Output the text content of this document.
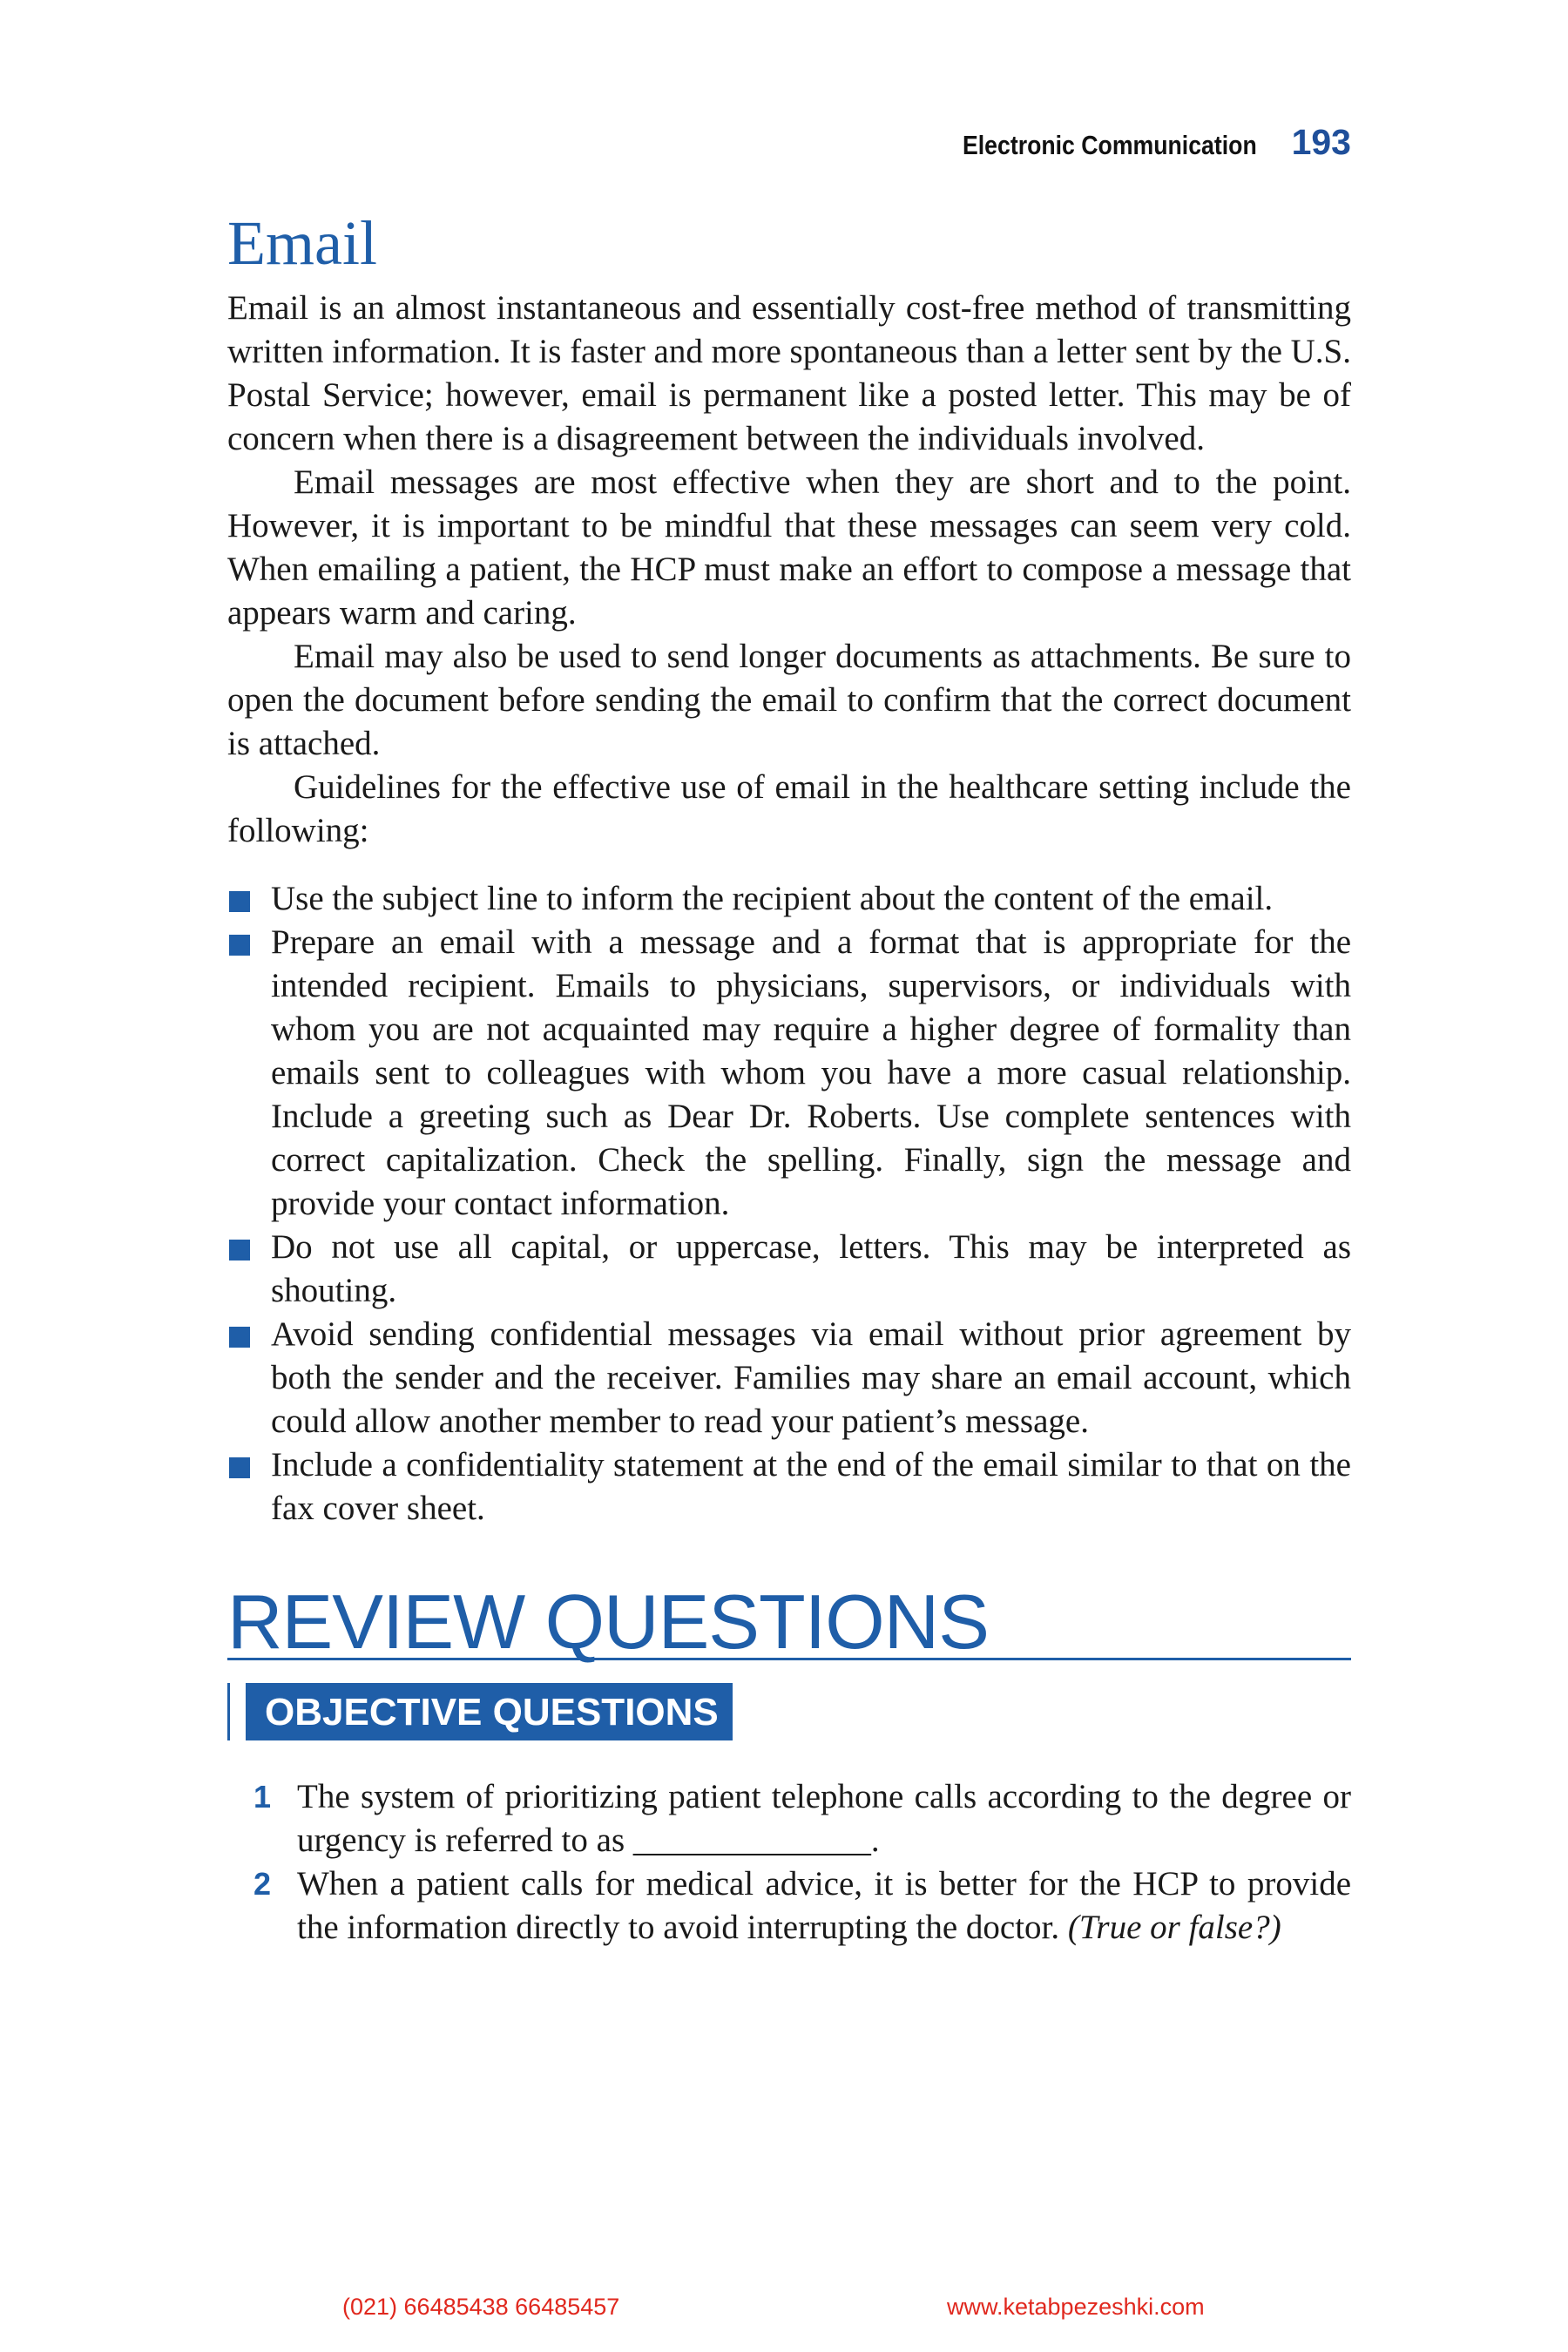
Electronic Communication 193
Email

Email is an almost instantaneous and essentially cost-free method of transmitting written information. It is faster and more spontaneous than a letter sent by the U.S. Postal Service; however, email is permanent like a posted letter. This may be of concern when there is a disagreement between the individuals involved.

Email messages are most effective when they are short and to the point. However, it is important to be mindful that these messages can seem very cold. When emailing a patient, the HCP must make an effort to compose a message that appears warm and caring.

Email may also be used to send longer documents as attachments. Be sure to open the document before sending the email to confirm that the correct document is attached.

Guidelines for the effective use of email in the healthcare setting include the following:

Use the subject line to inform the recipient about the content of the email.
Prepare an email with a message and a format that is appropriate for the intended recipient. Emails to physicians, supervisors, or individuals with whom you are not acquainted may require a higher degree of formality than emails sent to colleagues with whom you have a more casual relationship. Include a greeting such as Dear Dr. Roberts. Use complete sentences with correct capitalization. Check the spelling. Finally, sign the message and provide your contact information.
Do not use all capital, or uppercase, letters. This may be interpreted as shouting.
Avoid sending confidential messages via email without prior agreement by both the sender and the receiver. Families may share an email account, which could allow another member to read your patient’s message.
Include a confidentiality statement at the end of the email similar to that on the fax cover sheet.
REVIEW QUESTIONS
OBJECTIVE QUESTIONS
1 The system of prioritizing patient telephone calls according to the degree or urgency is referred to as ______________.
2 When a patient calls for medical advice, it is better for the HCP to provide the information directly to avoid interrupting the doctor. (True or false?)
(021) 66485438 66485457	www.ketabpezeshki.com
